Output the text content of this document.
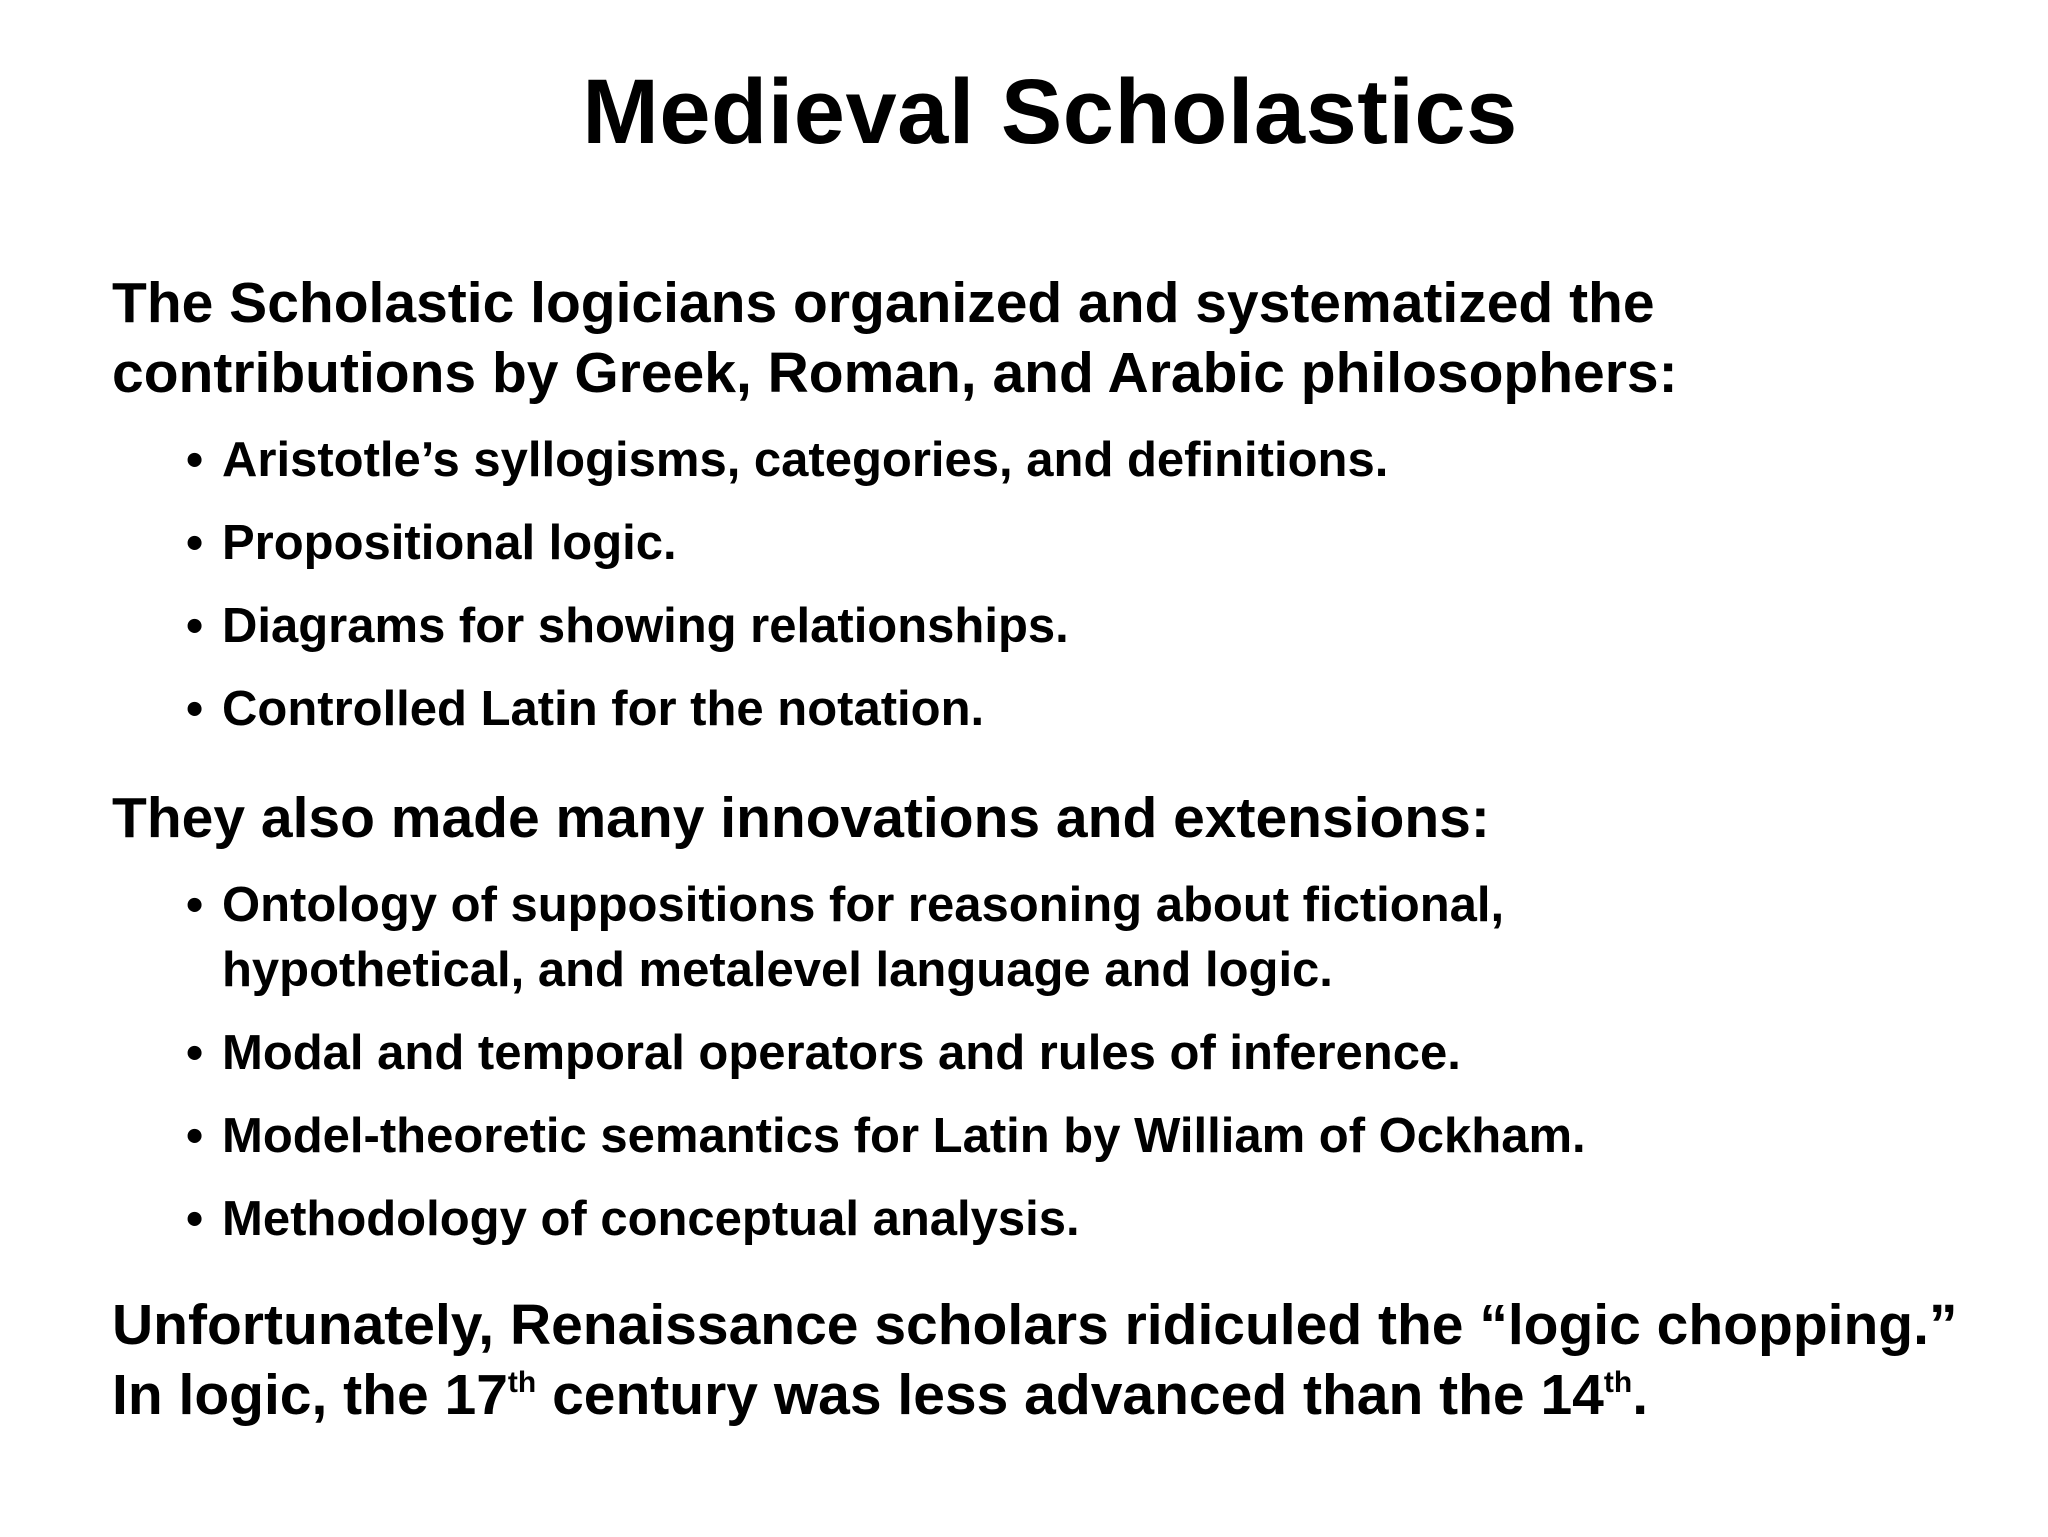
Medieval Scholastics

The Scholastic logicians organized and systematized the contributions by Greek, Roman, and Arabic philosophers:

• Aristotle’s syllogisms, categories, and definitions.
• Propositional logic.
• Diagrams for showing relationships.
• Controlled Latin for the notation.

They also made many innovations and extensions:

• Ontology of suppositions for reasoning about fictional, hypothetical, and metalevel language and logic.
• Modal and temporal operators and rules of inference.
• Model-theoretic semantics for Latin by William of Ockham.
• Methodology of conceptual analysis.

Unfortunately, Renaissance scholars ridiculed the “logic chopping.”
In logic, the 17th century was less advanced than the 14th.
